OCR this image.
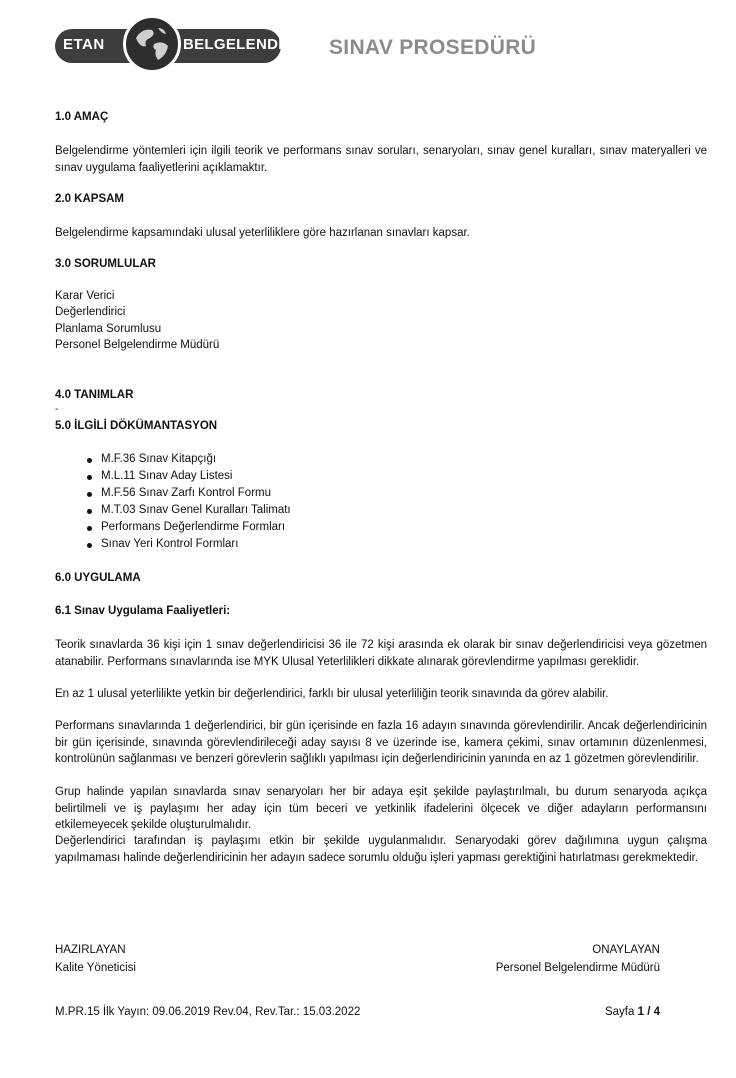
ETAN	BELGELENDİRME SINAV PROSEDÜRÜ
1.0 AMAÇ
Belgelendirme yöntemleri için ilgili teorik ve performans sınav soruları, senaryoları, sınav genel kuralları, sınav materyalleri ve sınav uygulama faaliyetlerini açıklamaktır.
2.0 KAPSAM
Belgelendirme kapsamındaki ulusal yeterliliklere göre hazırlanan sınavları kapsar.
3.0 SORUMLULAR
Karar Verici
Değerlendirici
Planlama Sorumlusu
Personel Belgelendirme Müdürü
4.0 TANIMLAR
-
5.0 İLGİLİ DÖKÜMANTASYON
M.F.36 Sınav Kitapçığı
M.L.11 Sınav Aday Listesi
M.F.56 Sınav Zarfı Kontrol Formu
M.T.03 Sınav Genel Kuralları Talimatı
Performans Değerlendirme Formları
Sınav Yeri Kontrol Formları
6.0 UYGULAMA
6.1 Sınav Uygulama Faaliyetleri:
Teorik sınavlarda 36 kişi için 1 sınav değerlendiricisi 36 ile 72 kişi arasında ek olarak bir sınav değerlendiricisi veya gözetmen atanabilir. Performans sınavlarında ise MYK Ulusal Yeterlilikleri dikkate alınarak görevlendirme yapılması gereklidir.
En az 1 ulusal yeterlilikte yetkin bir değerlendirici, farklı bir ulusal yeterliliğin teorik sınavında da görev alabilir.
Performans sınavlarında 1 değerlendirici, bir gün içerisinde en fazla 16 adayın sınavında görevlendirilir. Ancak değerlendiricinin bir gün içerisinde, sınavında görevlendirileceği aday sayısı 8 ve üzerinde ise, kamera çekimi, sınav ortamının düzenlenmesi, kontrolünün sağlanması ve benzeri görevlerin sağlıklı yapılması için değerlendiricinin yanında en az 1 gözetmen görevlendirilir.
Grup halinde yapılan sınavlarda sınav senaryoları her bir adaya eşit şekilde paylaştırılmalı, bu durum senaryoda açıkça belirtilmeli ve iş paylaşımı her aday için tüm beceri ve yetkinlik ifadelerini ölçecek ve diğer adayların performansını etkilemeyecek şekilde oluşturulmalıdır.
Değerlendirici tarafından iş paylaşımı etkin bir şekilde uygulanmalıdır. Senaryodaki görev dağılımına uygun çalışma yapılmaması halinde değerlendiricinin her adayın sadece sorumlu olduğu işleri yapması gerektiğini hatırlatması gerekmektedir.
HAZIRLAYAN
Kalite Yöneticisi
ONAYLAYAN
Personel Belgelendirme Müdürü
M.PR.15 İlk Yayın: 09.06.2019 Rev.04, Rev.Tar.: 15.03.2022	Sayfa 1 / 4
